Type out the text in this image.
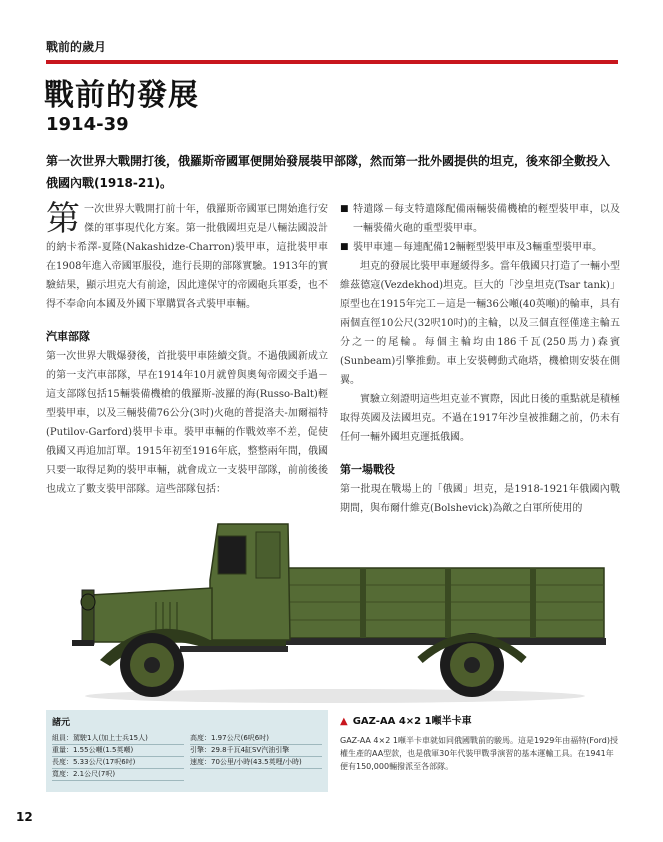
戰前的歲月
戰前的發展
1914-39
第一次世界大戰開打後，俄羅斯帝國軍便開始發展裝甲部隊，然而第一批外國提供的坦克，後來卻全數投入俄國內戰(1918-21)。
第 一次世界大戰開打前十年，俄羅斯帝國軍已開始進行安傑的軍事現代化方案。第一批俄國坦克是八輛法國設計的納卡希澤-夏隆(Nakashidze-Charron)裝甲車，這批裝甲車在1908年進入帝國軍服役，進行長期的部隊實驗。1913年的實驗結果，顯示坦克大有前途，因此達保守的帝國砲兵軍委，也不得不奉命向本國及外國下單購買各式裝甲車輛。

汽車部隊

第一次世界大戰爆發後，首批裝甲車陸續交貨。不過俄國新成立的第一支汽車部隊，早在1914年10月就曾與奧匈帝國交手過－這支部隊包括15輛裝備機槍的俄羅斯-波羅的海(Russo-Balt)輕型裝甲車，以及三輛裝備76公分(3吋)火砲的普提洛夫-加爾福特(Putilov-Garford)裝甲卡車。裝甲車輛的作戰效率不差，促使俄國又再追加訂單。1915年初至1916年底，整整兩年間，俄國只要一取得足夠的裝甲車輛，就會成立一支裝甲部隊，前前後後也成立了數支裝甲部隊。這些部隊包括：

■ 特遣隊－每支特遣隊配備兩輛裝備機槍的輕型裝甲車，以及一輛裝備火砲的重型裝甲車。
■ 裝甲車連－每連配備12輛輕型裝甲車及3輛重型裝甲車。

坦克的發展比裝甲車遲緩得多。當年俄國只打造了一輛小型維茲德寇(Vezdekhod)坦克。巨大的「沙皇坦克(Tsar tank)」原型也在1915年完工－這是一輛36公噸(40英噸)的輪車，具有兩個直徑10公尺(32呎10吋)的主輪，以及三個直徑僅達主輪五分之一的尾輪。每個主輪均由186千瓦(250馬力)森賓(Sunbeam)引擎推動。車上安裝轉動式砲塔，機槍則安裝在側翼。

實驗立刻證明這些坦克並不實際，因此日後的重點就是積極取得英國及法國坦克。不過在1917年沙皇被推翻之前，仍未有任何一輛外國坦克運抵俄國。

第一場戰役

第一批現在戰場上的「俄國」坦克，是1918-1921年俄國內戰期間，與布爾什維克(Bolshevick)為敵之白軍所使用的

諸元
組員：駕駛1人(加上士兵15人)	高度：1.97公尺(6呎6吋)
重量：1.55公噸(1.5英噸)	引擎：29.8千瓦4缸SV汽油引擎
長度：5.33公尺(17呎6吋)	速度：70公里/小時(43.5英哩/小時)
寬度：2.1公尺(7呎)
▲ GAZ-AA 4×2 1噸半卡車
GAZ-AA 4×2 1噸半卡車就如同俄國戰前的駿馬。這是1929年由福特(Ford)授權生產的AA型款，也是俄軍30年代裝甲戰爭演習的基本運輸工具。在1941年便有150,000輛撥派至各部隊。
12
